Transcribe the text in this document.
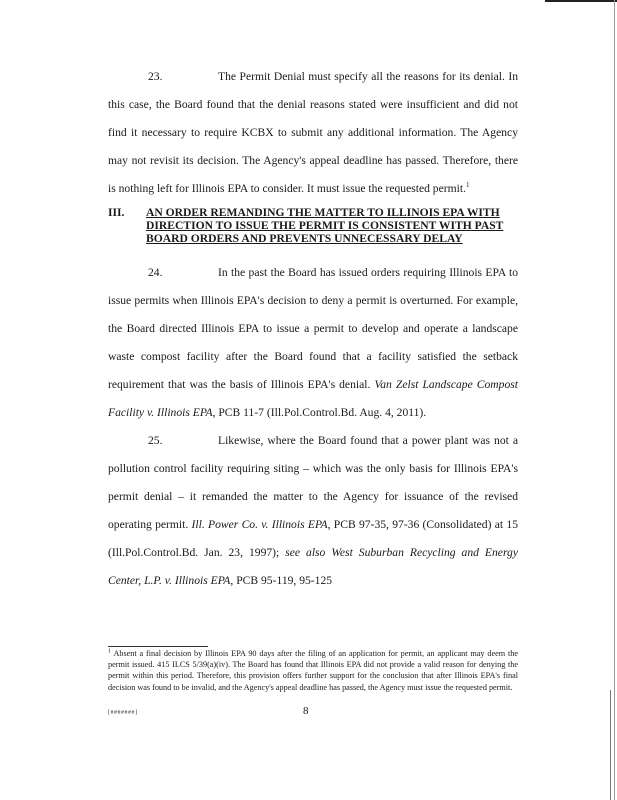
23.	The Permit Denial must specify all the reasons for its denial. In this case, the Board found that the denial reasons stated were insufficient and did not find it necessary to require KCBX to submit any additional information. The Agency may not revisit its decision. The Agency's appeal deadline has passed. Therefore, there is nothing left for Illinois EPA to consider. It must issue the requested permit.$^1$

III. AN ORDER REMANDING THE MATTER TO ILLINOIS EPA WITH DIRECTION TO ISSUE THE PERMIT IS CONSISTENT WITH PAST BOARD ORDERS AND PREVENTS UNNECESSARY DELAY

24.	In the past the Board has issued orders requiring Illinois EPA to issue permits when Illinois EPA's decision to deny a permit is overturned. For example, the Board directed Illinois EPA to issue a permit to develop and operate a landscape waste compost facility after the Board found that a facility satisfied the setback requirement that was the basis of Illinois EPA's denial. Van Zelst Landscape Compost Facility v. Illinois EPA, PCB 11-7 (Ill.Pol.Control.Bd. Aug. 4, 2011).

25.	Likewise, where the Board found that a power plant was not a pollution control facility requiring siting – which was the only basis for Illinois EPA's permit denial – it remanded the matter to the Agency for issuance of the revised operating permit. Ill. Power Co. v. Illinois EPA, PCB 97-35, 97-36 (Consolidated) at 15 (Ill.Pol.Control.Bd. Jan. 23, 1997); see also West Suburban Recycling and Energy Center, L.P. v. Illinois EPA, PCB 95-119, 95-125

$^1$ Absent a final decision by Illinois EPA 90 days after the filing of an application for permit, an applicant may deem the permit issued. 415 ILCS 5/39(a)(iv). The Board has found that Illinois EPA did not provide a valid reason for denying the permit within this period. Therefore, this provision offers further support for the conclusion that after Illinois EPA's final decision was found to be invalid, and the Agency's appeal deadline has passed, the Agency must issue the requested permit.

[#######]	8
